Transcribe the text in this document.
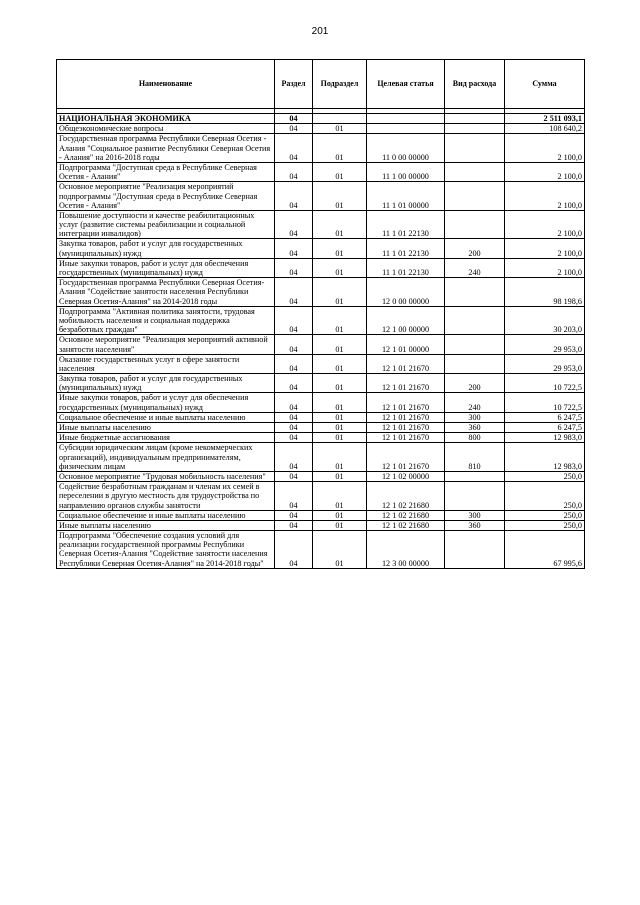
201
Наименование	Раздел	Подраздел	Целевая статья	Вид расхода	Сумма

НАЦИОНАЛЬНАЯ ЭКОНОМИКА	04				2 511 093,1
Общеэкономические вопросы	04	01			108 640,2
Государственная программа Республики Северная Осетия - Алания "Социальное развитие Республики Северная Осетия - Алания" на 2016-2018 годы	04	01	11 0 00 00000		2 100,0
Подпрограмма "Доступная среда в Республике Северная Осетия - Алания"	04	01	11 1 00 00000		2 100,0
Основное мероприятие "Реализация мероприятий подпрограммы "Доступная среда в Республике Северная Осетия - Алания"	04	01	11 1 01 00000		2 100,0
Повышение доступности и качестве реабилитационных услуг (развитие системы реабилизации и социальной интеграции инвалидов)	04	01	11 1 01 22130		2 100,0
Закупка товаров, работ и услуг для государственных (муниципальных) нужд	04	01	11 1 01 22130	200	2 100,0
Иные закупки товаров, работ и услуг для обеспечения государственных (муниципальных) нужд	04	01	11 1 01 22130	240	2 100,0
Государственная программа Республики Северная Осетия-Алания "Содействие занятости населения Республики Северная Осетия-Алания" на 2014-2018 годы	04	01	12 0 00 00000		98 198,6
Подпрограмма "Активная политика занятости, трудовая мобильность населения и социальная поддержка безработных граждан"	04	01	12 1 00 00000		30 203,0
Основное мероприятие "Реализация мероприятий активной занятости населения"	04	01	12 1 01 00000		29 953,0
Оказание государственных услуг в сфере занятости населения	04	01	12 1 01 21670		29 953,0
Закупка товаров, работ и услуг для государственных (муниципальных) нужд	04	01	12 1 01 21670	200	10 722,5
Иные закупки товаров, работ и услуг для обеспечения государственных (муниципальных) нужд	04	01	12 1 01 21670	240	10 722,5
Социальное обеспечение и иные выплаты населению	04	01	12 1 01 21670	300	6 247,5
Иные выплаты населению	04	01	12 1 01 21670	360	6 247,5
Иные бюджетные ассигнования	04	01	12 1 01 21670	800	12 983,0
Субсидии юридическим лицам (кроме некоммерческих организаций), индивидуальным предпринимателям, физическим лицам	04	01	12 1 01 21670	810	12 983,0
Основное мероприятие "Трудовая мобильность населения"	04	01	12 1 02 00000		250,0
Содействие безработным гражданам и членам их семей в переселении в другую местность для трудоустройства по направлению органов службы занятости	04	01	12 1 02 21680		250,0
Социальное обеспечение и иные выплаты населению	04	01	12 1 02 21680	300	250,0
Иные выплаты населению	04	01	12 1 02 21680	360	250,0
Подпрограмма "Обеспечение создания условий для реализации государственной программы Республики Северная Осетия-Алания "Содействие занятости населения Республики Северная Осетия-Алания" на 2014-2018 годы"	04	01	12 3 00 00000		67 995,6
